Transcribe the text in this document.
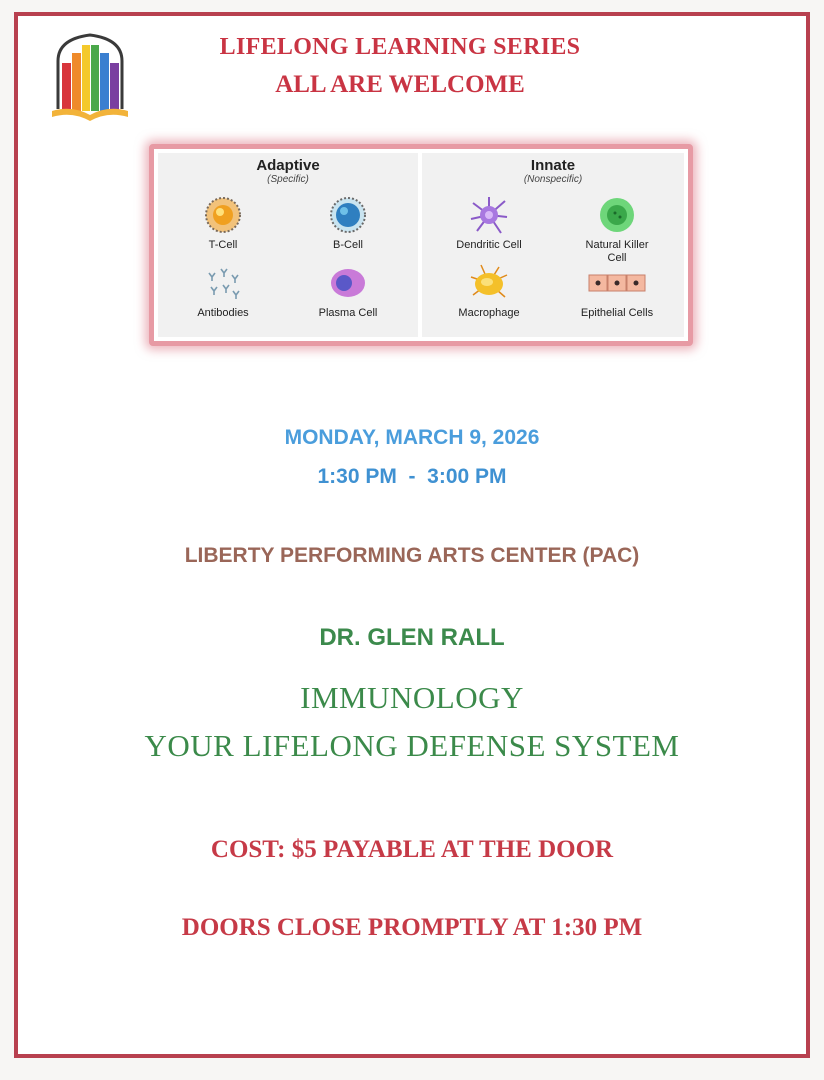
LIFELONG LEARNING SERIES
ALL ARE WELCOME
Adaptive
(Specific)
T-Cell	B-Cell
Antibodies	Plasma Cell
Innate
(Nonspecific)
Dendritic Cell	Natural Killer
Cell
Macrophage	Epithelial Cells
MONDAY, MARCH 9, 2026
1:30 PM  -  3:00 PM
LIBERTY PERFORMING ARTS CENTER (PAC)
DR. GLEN RALL
IMMUNOLOGY
YOUR LIFELONG DEFENSE SYSTEM
COST: $5 PAYABLE AT THE DOOR
DOORS CLOSE PROMPTLY AT 1:30 PM
